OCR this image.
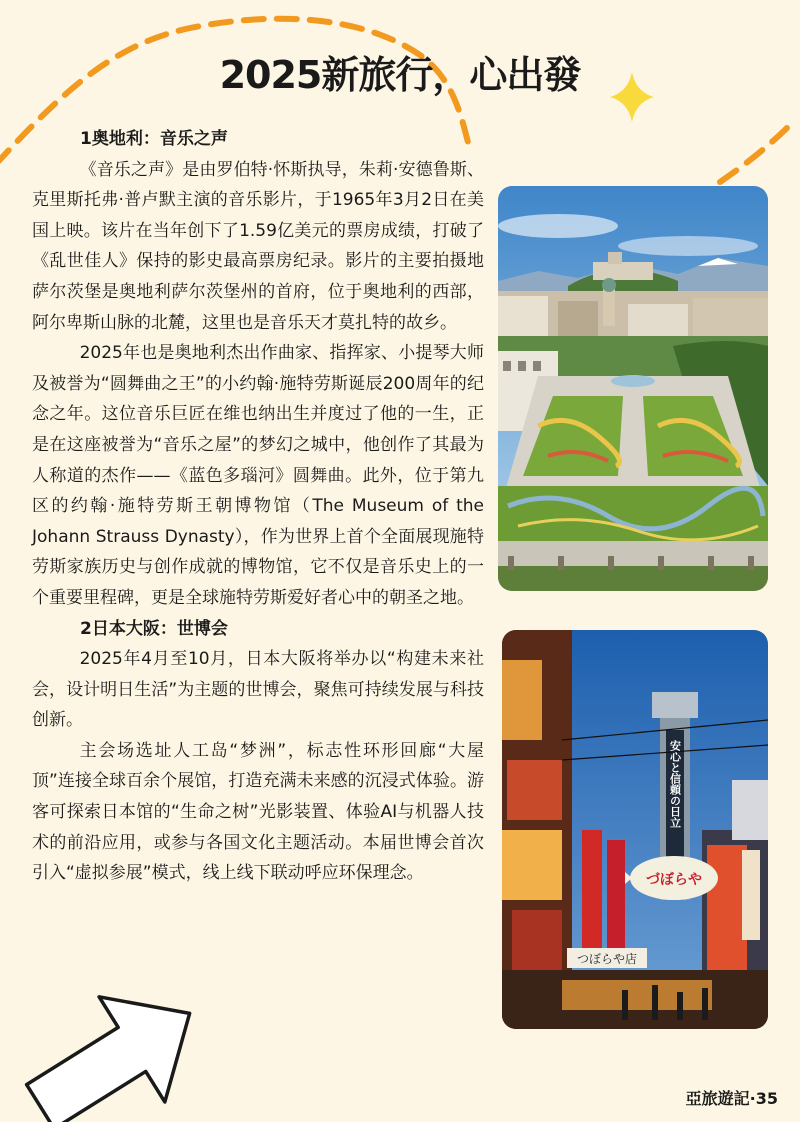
2025新旅行，心出發
1奥地利：音乐之声

《音乐之声》是由罗伯特·怀斯执导，朱莉·安德鲁斯、克里斯托弗·普卢默主演的音乐影片，于1965年3月2日在美国上映。该片在当年创下了1.59亿美元的票房成绩，打破了《乱世佳人》保持的影史最高票房纪录。影片的主要拍摄地萨尔茨堡是奥地利萨尔茨堡州的首府，位于奥地利的西部，阿尔卑斯山脉的北麓，这里也是音乐天才莫扎特的故乡。

2025年也是奥地利杰出作曲家、指挥家、小提琴大师及被誉为“圆舞曲之王”的小约翰·施特劳斯诞辰200周年的纪念之年。这位音乐巨匠在维也纳出生并度过了他的一生，正是在这座被誉为“音乐之屋”的梦幻之城中，他创作了其最为人称道的杰作——《蓝色多瑙河》圆舞曲。此外，位于第九区的约翰·施特劳斯王朝博物馆（The Museum of the Johann Strauss Dynasty），作为世界上首个全面展现施特劳斯家族历史与创作成就的博物馆，它不仅是音乐史上的一个重要里程碑，更是全球施特劳斯爱好者心中的朝圣之地。

2日本大阪：世博会

2025年4月至10月，日本大阪将举办以“构建未来社会，设计明日生活”为主题的世博会，聚焦可持续发展与科技创新。

主会场选址人工岛“梦洲”，标志性环形回廊“大屋顶”连接全球百余个展馆，打造充满未来感的沉浸式体验。游客可探索日本馆的“生命之树”光影装置、体验AI与机器人技术的前沿应用，或参与各国文化主题活动。本届世博会首次引入“虚拟参展”模式，线上线下联动呼应环保理念。

安心と信頼の日立
づぼらや
つぼらや店
亞旅遊記·35
